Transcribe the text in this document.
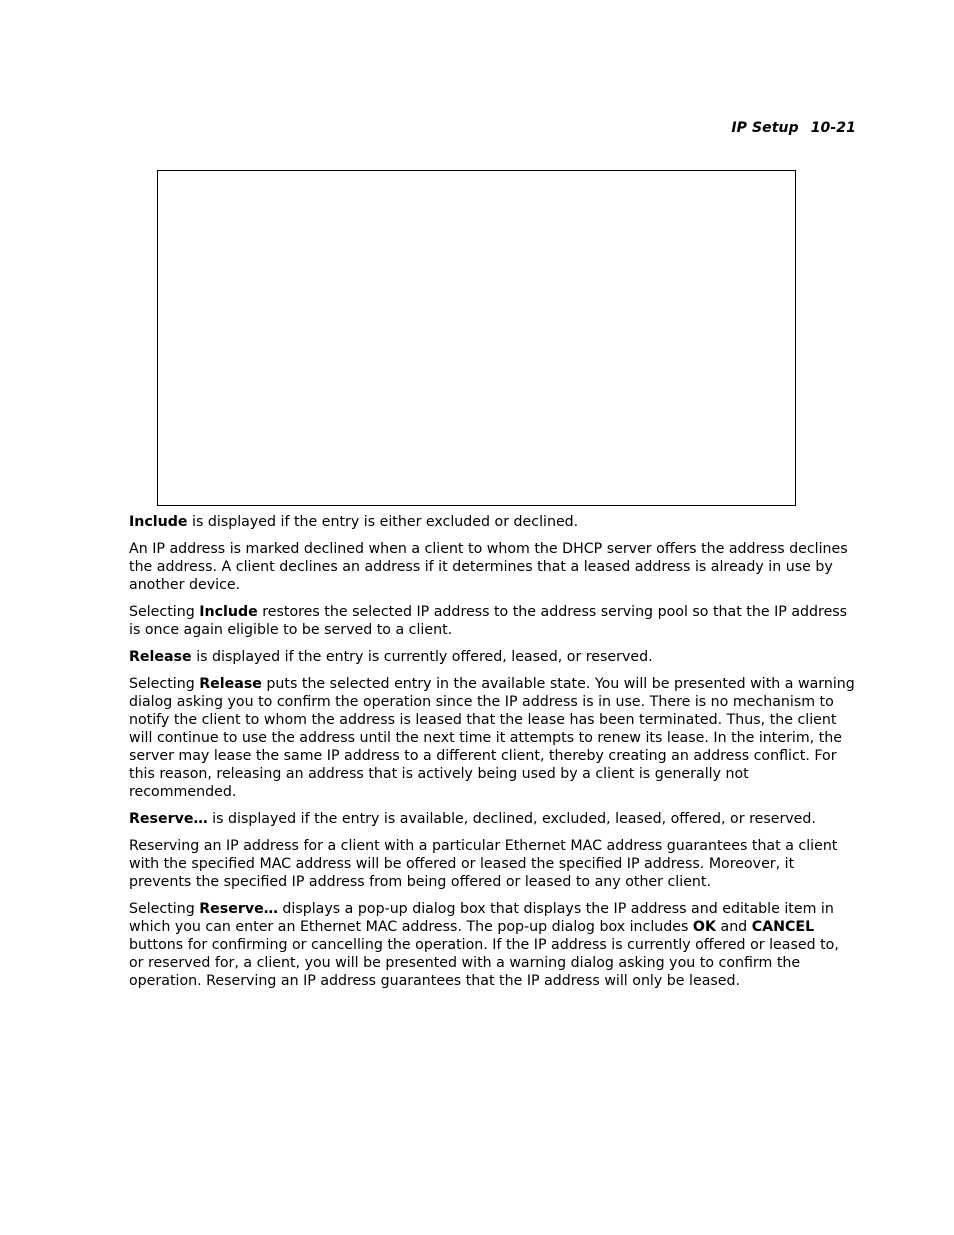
IP Setup 10-21

Include is displayed if the entry is either excluded or declined.

An IP address is marked declined when a client to whom the DHCP server offers the address declines the address. A client declines an address if it determines that a leased address is already in use by another device.

Selecting Include restores the selected IP address to the address serving pool so that the IP address is once again eligible to be served to a client.

Release is displayed if the entry is currently offered, leased, or reserved.

Selecting Release puts the selected entry in the available state. You will be presented with a warning dialog asking you to confirm the operation since the IP address is in use. There is no mechanism to notify the client to whom the address is leased that the lease has been terminated. Thus, the client will continue to use the address until the next time it attempts to renew its lease. In the interim, the server may lease the same IP address to a different client, thereby creating an address conflict. For this reason, releasing an address that is actively being used by a client is generally not recommended.

Reserve… is displayed if the entry is available, declined, excluded, leased, offered, or reserved.

Reserving an IP address for a client with a particular Ethernet MAC address guarantees that a client with the specified MAC address will be offered or leased the specified IP address. Moreover, it prevents the specified IP address from being offered or leased to any other client.

Selecting Reserve… displays a pop-up dialog box that displays the IP address and editable item in which you can enter an Ethernet MAC address. The pop-up dialog box includes OK and CANCEL buttons for confirming or cancelling the operation. If the IP address is currently offered or leased to, or reserved for, a client, you will be presented with a warning dialog asking you to confirm the operation. Reserving an IP address guarantees that the IP address will only be leased.
